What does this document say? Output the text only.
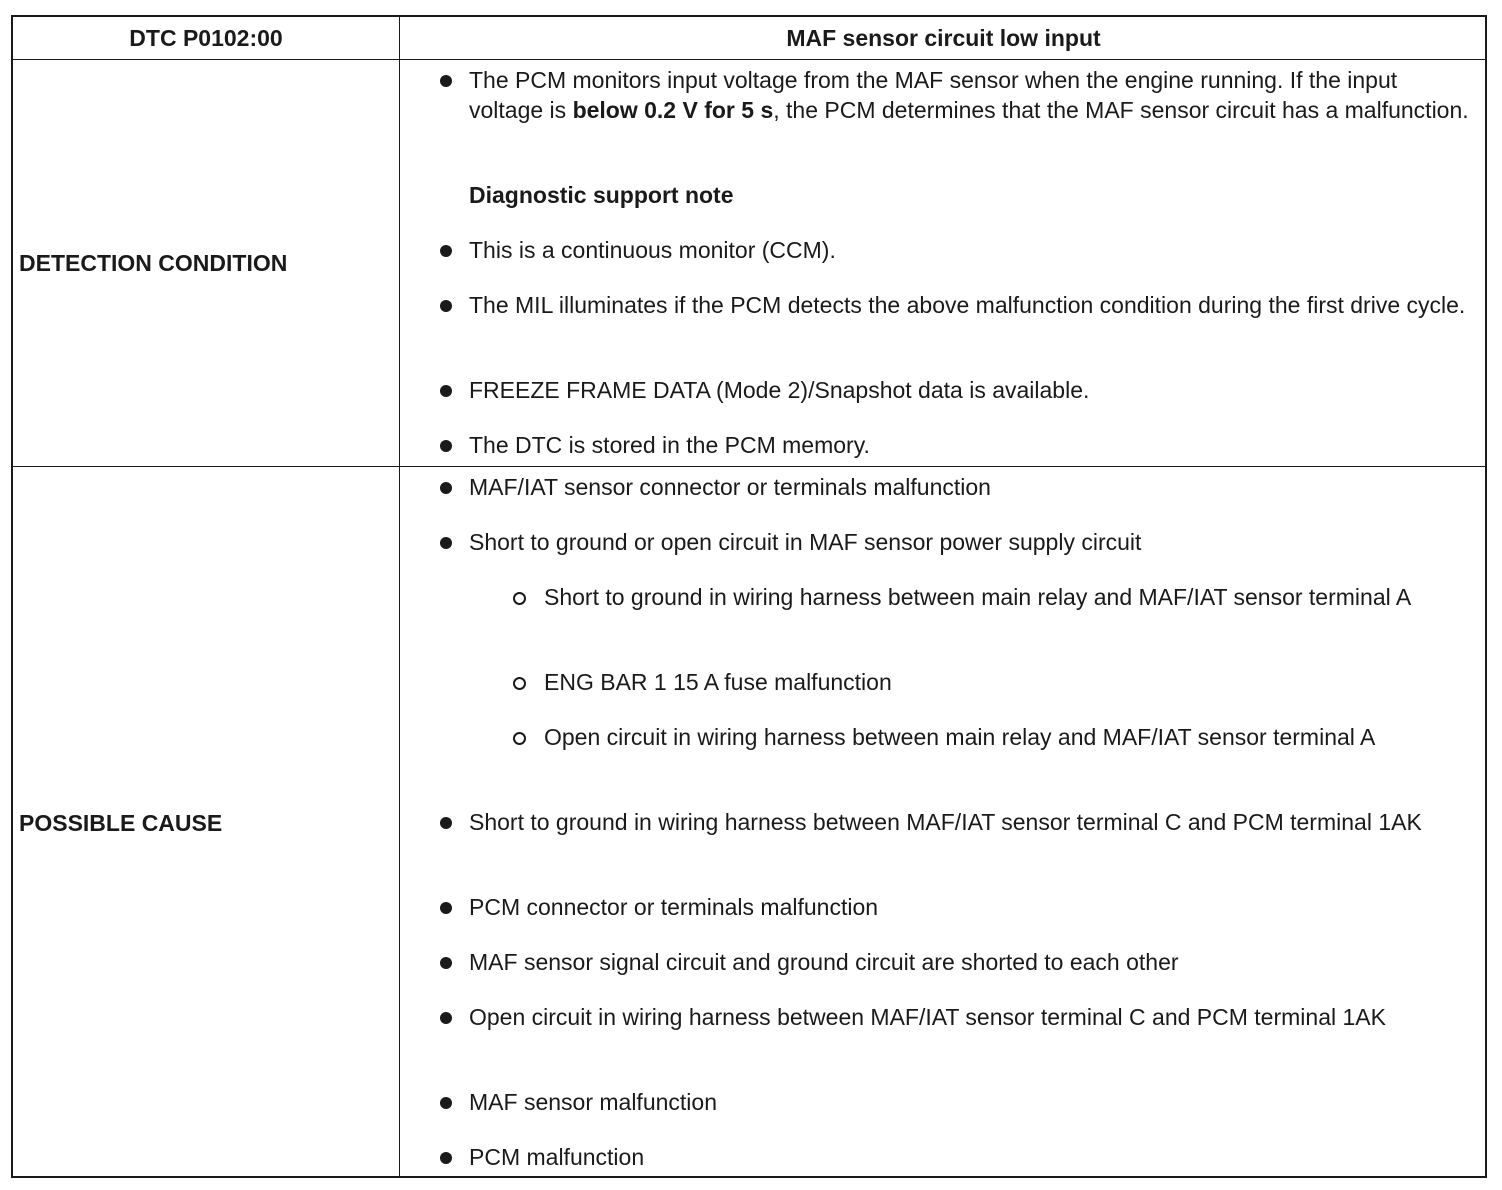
DTC P0102:00	MAF sensor circuit low input
DETECTION CONDITION
The PCM monitors input voltage from the MAF sensor when the engine running. If the input voltage is below 0.2 V for 5 s, the PCM determines that the MAF sensor circuit has a malfunction.
Diagnostic support note
This is a continuous monitor (CCM).
The MIL illuminates if the PCM detects the above malfunction condition during the first drive cycle.
FREEZE FRAME DATA (Mode 2)/Snapshot data is available.
The DTC is stored in the PCM memory.
POSSIBLE CAUSE
MAF/IAT sensor connector or terminals malfunction
Short to ground or open circuit in MAF sensor power supply circuit
Short to ground in wiring harness between main relay and MAF/IAT sensor terminal A
ENG BAR 1 15 A fuse malfunction
Open circuit in wiring harness between main relay and MAF/IAT sensor terminal A
Short to ground in wiring harness between MAF/IAT sensor terminal C and PCM terminal 1AK
PCM connector or terminals malfunction
MAF sensor signal circuit and ground circuit are shorted to each other
Open circuit in wiring harness between MAF/IAT sensor terminal C and PCM terminal 1AK
MAF sensor malfunction
PCM malfunction
